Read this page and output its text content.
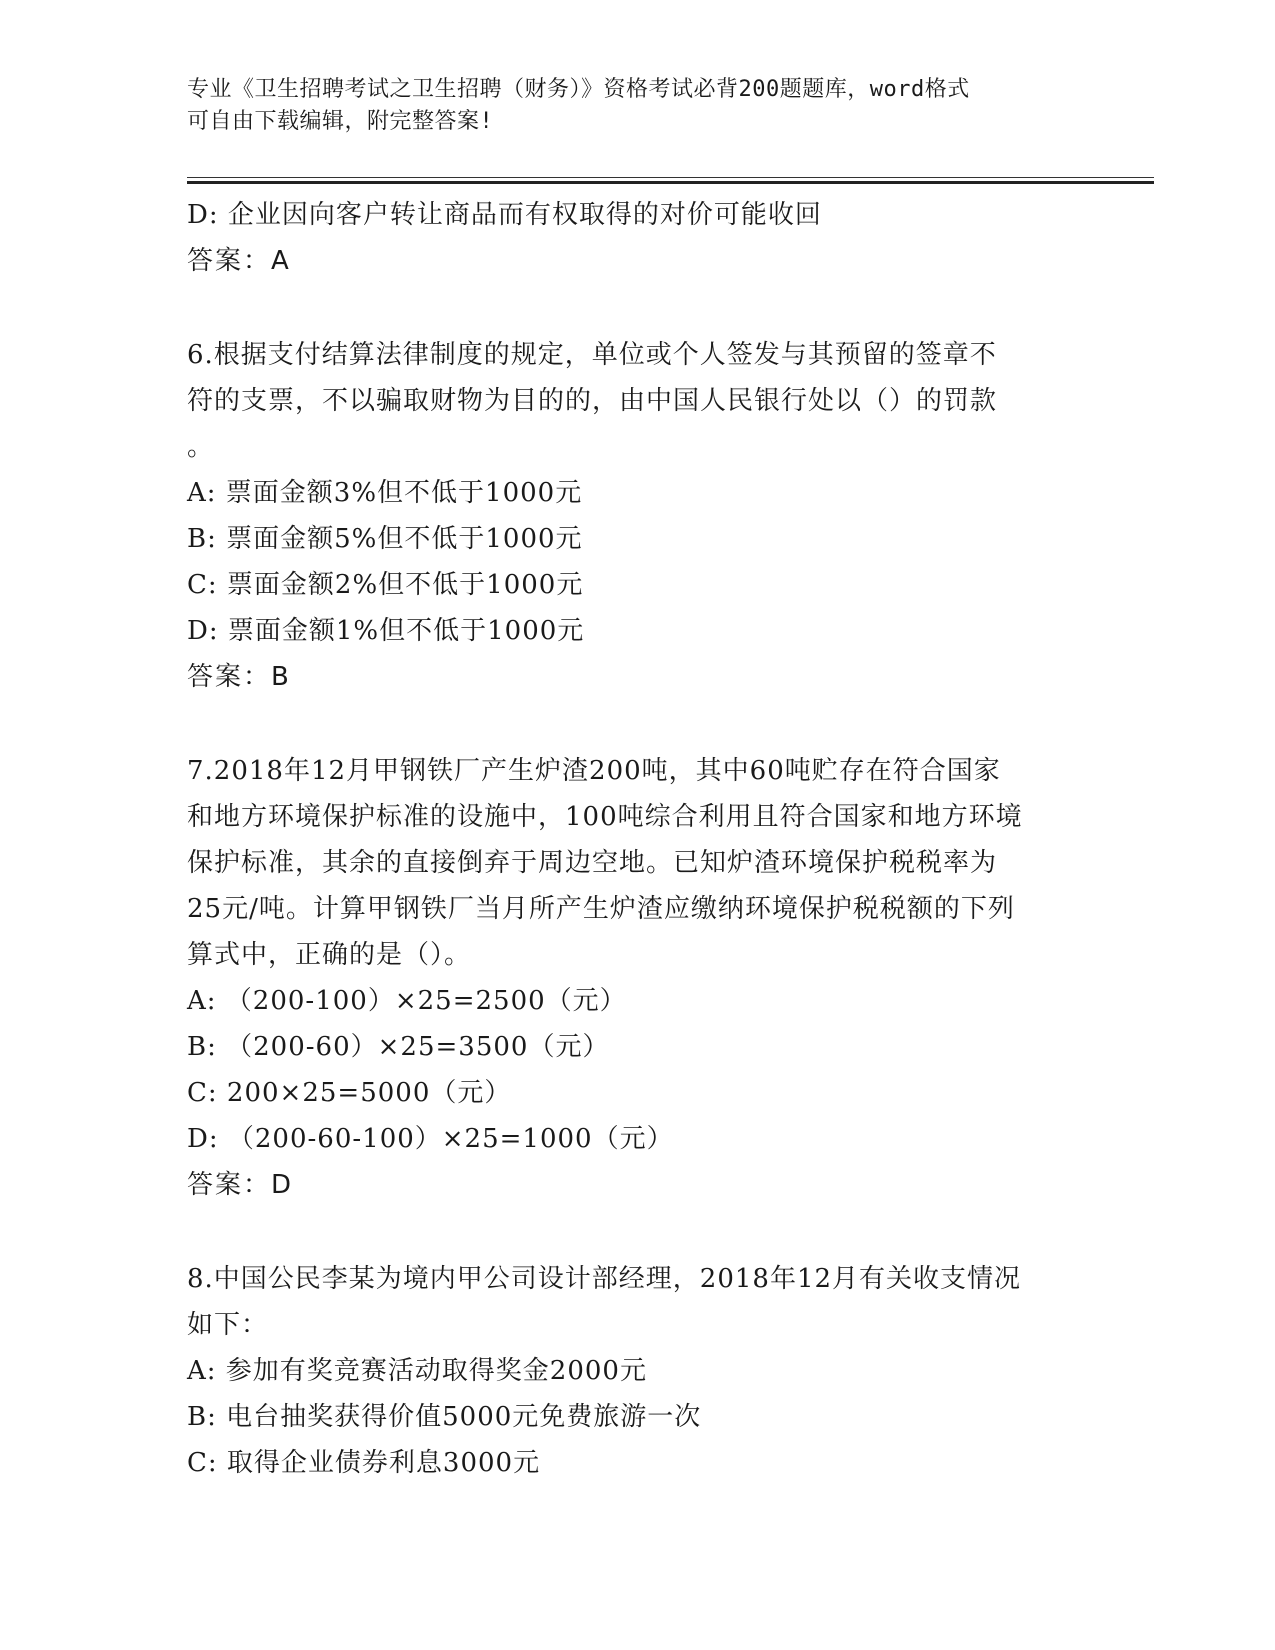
专业《卫生招聘考试之卫生招聘（财务）》资格考试必背200题题库，word格式
可自由下载编辑，附完整答案!
D: 企业因向客户转让商品而有权取得的对价可能收回
答案：A
6.根据支付结算法律制度的规定，单位或个人签发与其预留的签章不
符的支票，不以骗取财物为目的的，由中国人民银行处以（）的罚款
。
A: 票面金额3%但不低于1000元
B: 票面金额5%但不低于1000元
C: 票面金额2%但不低于1000元
D: 票面金额1%但不低于1000元
答案：B
7.2018年12月甲钢铁厂产生炉渣200吨，其中60吨贮存在符合国家
和地方环境保护标准的设施中，100吨综合利用且符合国家和地方环境
保护标准，其余的直接倒弃于周边空地。已知炉渣环境保护税税率为
25元/吨。计算甲钢铁厂当月所产生炉渣应缴纳环境保护税税额的下列
算式中，正确的是（）。
A: （200-100）×25=2500（元）
B: （200-60）×25=3500（元）
C: 200×25=5000（元）
D: （200-60-100）×25=1000（元）
答案：D
8.中国公民李某为境内甲公司设计部经理，2018年12月有关收支情况
如下：
A: 参加有奖竞赛活动取得奖金2000元
B: 电台抽奖获得价值5000元免费旅游一次
C: 取得企业债券利息3000元
